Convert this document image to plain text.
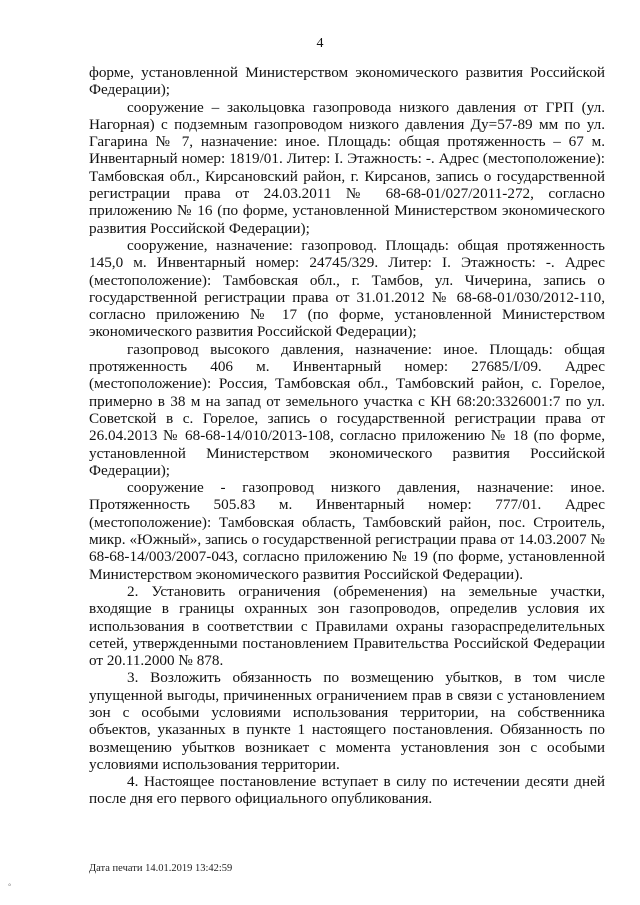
4

форме, установленной Министерством экономического развития Российской Федерации);

сооружение – закольцовка газопровода низкого давления от ГРП (ул. Нагорная) с подземным газопроводом низкого давления Ду=57-89 мм по ул. Гагарина № 7, назначение: иное. Площадь: общая протяженность – 67 м. Инвентарный номер: 1819/01. Литер: I. Этажность: -. Адрес (местоположение): Тамбовская обл., Кирсановский район, г. Кирсанов, запись о государственной регистрации права от 24.03.2011 № 68-68-01/027/2011-272, согласно приложению № 16 (по форме, установленной Министерством экономического развития Российской Федерации);

сооружение, назначение: газопровод. Площадь: общая протяженность 145,0 м. Инвентарный номер: 24745/329. Литер: I. Этажность: -. Адрес (местоположение): Тамбовская обл., г. Тамбов, ул. Чичерина, запись о государственной регистрации права от 31.01.2012 № 68-68-01/030/2012-110, согласно приложению № 17 (по форме, установленной Министерством экономического развития Российской Федерации);

газопровод высокого давления, назначение: иное. Площадь: общая протяженность 406 м. Инвентарный номер: 27685/I/09. Адрес (местоположение): Россия, Тамбовская обл., Тамбовский район, с. Горелое, примерно в 38 м на запад от земельного участка с КН 68:20:3326001:7 по ул. Советской в с. Горелое, запись о государственной регистрации права от 26.04.2013 № 68-68-14/010/2013-108, согласно приложению № 18 (по форме, установленной Министерством экономического развития Российской Федерации);

сооружение - газопровод низкого давления, назначение: иное. Протяженность 505.83 м. Инвентарный номер: 777/01. Адрес (местоположение): Тамбовская область, Тамбовский район, пос. Строитель, микр. «Южный», запись о государственной регистрации права от 14.03.2007 № 68-68-14/003/2007-043, согласно приложению № 19 (по форме, установленной Министерством экономического развития Российской Федерации).

2. Установить ограничения (обременения) на земельные участки, входящие в границы охранных зон газопроводов, определив условия их использования в соответствии с Правилами охраны газораспределительных сетей, утвержденными постановлением Правительства Российской Федерации от 20.11.2000 № 878.

3. Возложить обязанность по возмещению убытков, в том числе упущенной выгоды, причиненных ограничением прав в связи с установлением зон с особыми условиями использования территории, на собственника объектов, указанных в пункте 1 настоящего постановления. Обязанность по возмещению убытков возникает с момента установления зон с особыми условиями использования территории.

4. Настоящее постановление вступает в силу по истечении десяти дней после дня его первого официального опубликования.

Дата печати 14.01.2019 13:42:59
°
